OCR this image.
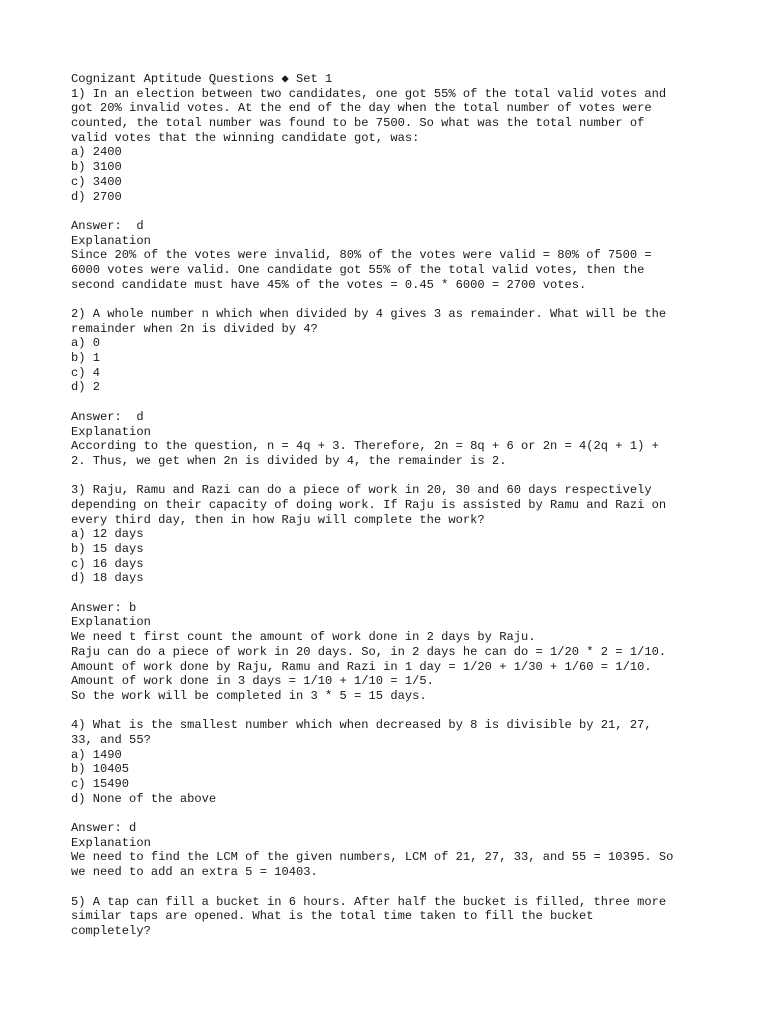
Cognizant Aptitude Questions ◆ Set 1
1) In an election between two candidates, one got 55% of the total valid votes and
got 20% invalid votes. At the end of the day when the total number of votes were
counted, the total number was found to be 7500. So what was the total number of
valid votes that the winning candidate got, was:
a) 2400
b) 3100
c) 3400
d) 2700
Answer:  d
Explanation
Since 20% of the votes were invalid, 80% of the votes were valid = 80% of 7500 =
6000 votes were valid. One candidate got 55% of the total valid votes, then the
second candidate must have 45% of the votes = 0.45 * 6000 = 2700 votes.
2) A whole number n which when divided by 4 gives 3 as remainder. What will be the
remainder when 2n is divided by 4?
a) 0
b) 1
c) 4
d) 2
Answer:  d
Explanation
According to the question, n = 4q + 3. Therefore, 2n = 8q + 6 or 2n = 4(2q + 1) +
2. Thus, we get when 2n is divided by 4, the remainder is 2.
3) Raju, Ramu and Razi can do a piece of work in 20, 30 and 60 days respectively
depending on their capacity of doing work. If Raju is assisted by Ramu and Razi on
every third day, then in how Raju will complete the work?
a) 12 days
b) 15 days
c) 16 days
d) 18 days
Answer: b
Explanation
We need t first count the amount of work done in 2 days by Raju.
Raju can do a piece of work in 20 days. So, in 2 days he can do = 1/20 * 2 = 1/10.
Amount of work done by Raju, Ramu and Razi in 1 day = 1/20 + 1/30 + 1/60 = 1/10.
Amount of work done in 3 days = 1/10 + 1/10 = 1/5.
So the work will be completed in 3 * 5 = 15 days.
4) What is the smallest number which when decreased by 8 is divisible by 21, 27,
33, and 55?
a) 1490
b) 10405
c) 15490
d) None of the above
Answer: d
Explanation
We need to find the LCM of the given numbers, LCM of 21, 27, 33, and 55 = 10395. So
we need to add an extra 5 = 10403.
5) A tap can fill a bucket in 6 hours. After half the bucket is filled, three more
similar taps are opened. What is the total time taken to fill the bucket
completely?
